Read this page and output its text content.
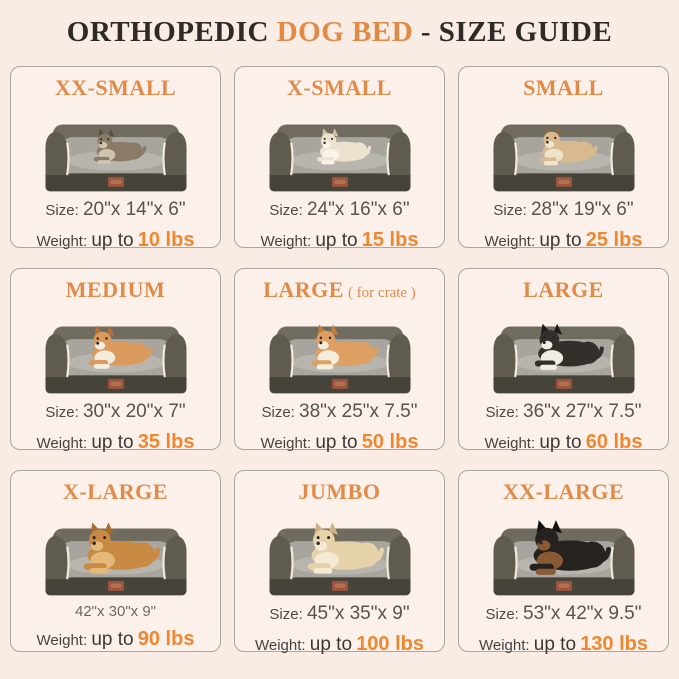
ORTHOPEDIC DOG BED - SIZE GUIDE
XX-SMALL
Size: 20"x 14"x 6"
Weight: up to 10 lbs
X-SMALL
Size: 24"x 16"x 6"
Weight: up to 15 lbs
SMALL
Size: 28"x 19"x 6"
Weight: up to 25 lbs
MEDIUM
Size: 30"x 20"x 7"
Weight: up to 35 lbs
LARGE ( for crate )
Size: 38"x 25"x 7.5"
Weight: up to 50 lbs
LARGE
Size: 36"x 27"x 7.5"
Weight: up to 60 lbs
X-LARGE
42"x 30"x 9"
Weight: up to 90 lbs
JUMBO
Size: 45"x 35"x 9"
Weight: up to 100 lbs
XX-LARGE
Size: 53"x 42"x 9.5"
Weight: up to 130 lbs
